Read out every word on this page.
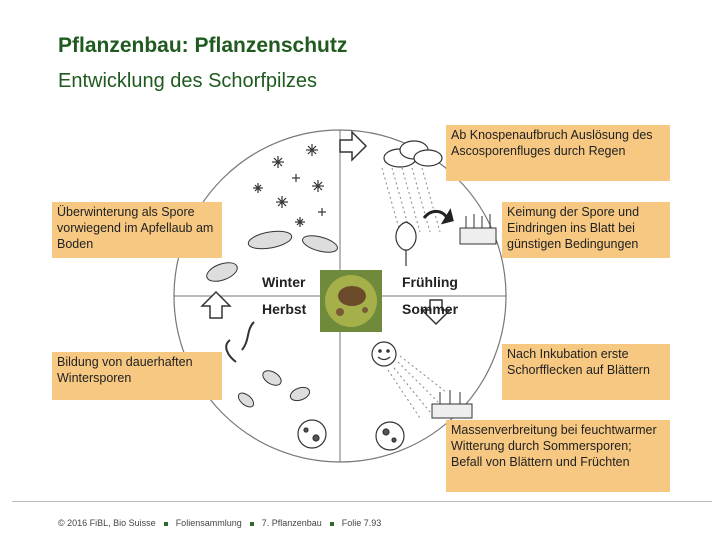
Pflanzenbau: Pflanzenschutz
Entwicklung des Schorfpilzes
Winter	Frühling
Herbst	Sommer
Ab Knospenaufbruch Auslösung des Ascosporenfluges durch Regen
Überwinterung als Spore vorwiegend im Apfellaub am Boden
Keimung der Spore und Eindringen ins Blatt bei günstigen Bedingungen
Bildung von dauerhaften Wintersporen
Nach Inkubation erste Schorfflecken auf Blättern
Massenverbreitung bei feuchtwarmer Witterung durch Sommersporen; Befall von Blättern und Früchten
© 2016 FiBL, Bio Suisse Foliensammlung 7. Pflanzenbau Folie 7.93
